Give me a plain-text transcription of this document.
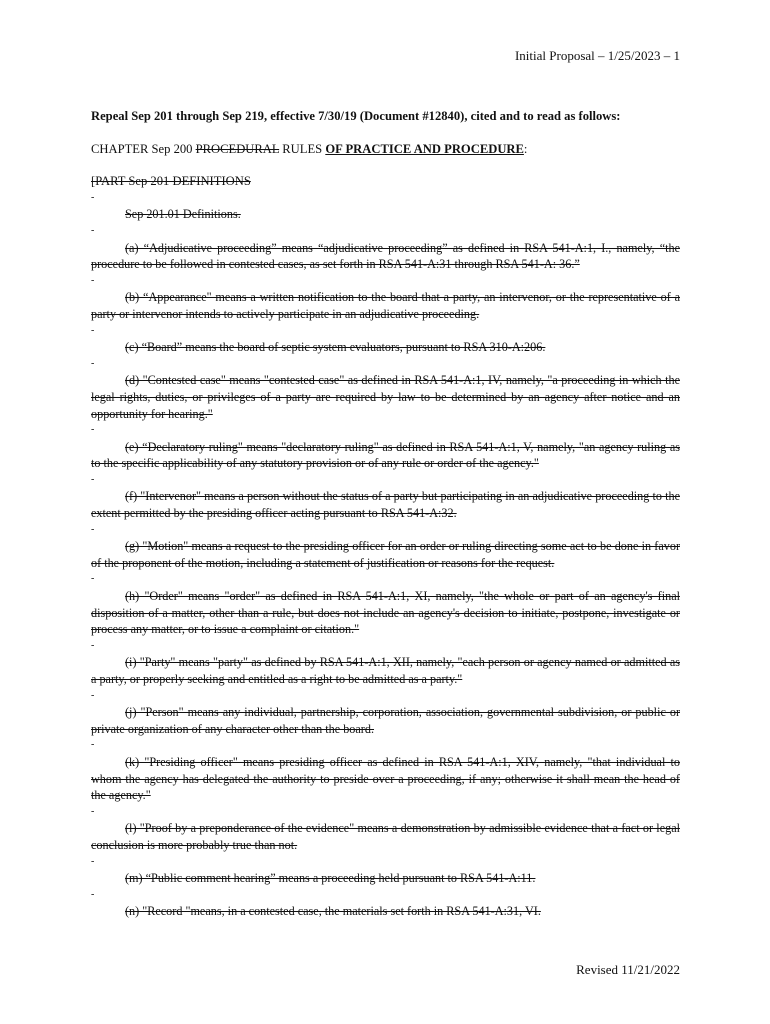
Initial Proposal – 1/25/2023 – 1

Repeal Sep 201 through Sep 219, effective 7/30/19 (Document #12840), cited and to read as follows:

CHAPTER Sep 200 PROCEDURAL RULES OF PRACTICE AND PROCEDURE:

[PART Sep 201 DEFINITIONS

-

Sep 201.01 Definitions.

-

(a) “Adjudicative proceeding” means “adjudicative proceeding” as defined in RSA 541-A:1, I., namely, “the procedure to be followed in contested cases, as set forth in RSA 541-A:31 through RSA 541-A: 36.”

-

(b) “Appearance" means a written notification to the board that a party, an intervenor, or the representative of a party or intervenor intends to actively participate in an adjudicative proceeding.

-

(c) “Board” means the board of septic system evaluators, pursuant to RSA 310-A:206.

-

(d) "Contested case" means "contested case" as defined in RSA 541-A:1, IV, namely, "a proceeding in which the legal rights, duties, or privileges of a party are required by law to be determined by an agency after notice and an opportunity for hearing."

-

(e) “Declaratory ruling" means "declaratory ruling" as defined in RSA 541-A:1, V, namely, "an agency ruling as to the specific applicability of any statutory provision or of any rule or order of the agency."

-

(f) "Intervenor" means a person without the status of a party but participating in an adjudicative proceeding to the extent permitted by the presiding officer acting pursuant to RSA 541-A:32.

-

(g) "Motion" means a request to the presiding officer for an order or ruling directing some act to be done in favor of the proponent of the motion, including a statement of justification or reasons for the request.

-

(h) "Order" means "order" as defined in RSA 541-A:1, XI, namely, "the whole or part of an agency's final disposition of a matter, other than a rule, but does not include an agency's decision to initiate, postpone, investigate or process any matter, or to issue a complaint or citation."

-

(i) "Party" means "party" as defined by RSA 541-A:1, XII, namely, "each person or agency named or admitted as a party, or properly seeking and entitled as a right to be admitted as a party."

-

(j) "Person" means any individual, partnership, corporation, association, governmental subdivision, or public or private organization of any character other than the board.

-

(k) "Presiding officer" means presiding officer as defined in RSA 541-A:1, XIV, namely, "that individual to whom the agency has delegated the authority to preside over a proceeding, if any; otherwise it shall mean the head of the agency."

-

(l) "Proof by a preponderance of the evidence" means a demonstration by admissible evidence that a fact or legal conclusion is more probably true than not.

-

(m) “Public comment hearing” means a proceeding held pursuant to RSA 541-A:11.

-

(n) "Record "means, in a contested case, the materials set forth in RSA 541-A:31, VI.

Revised 11/21/2022
